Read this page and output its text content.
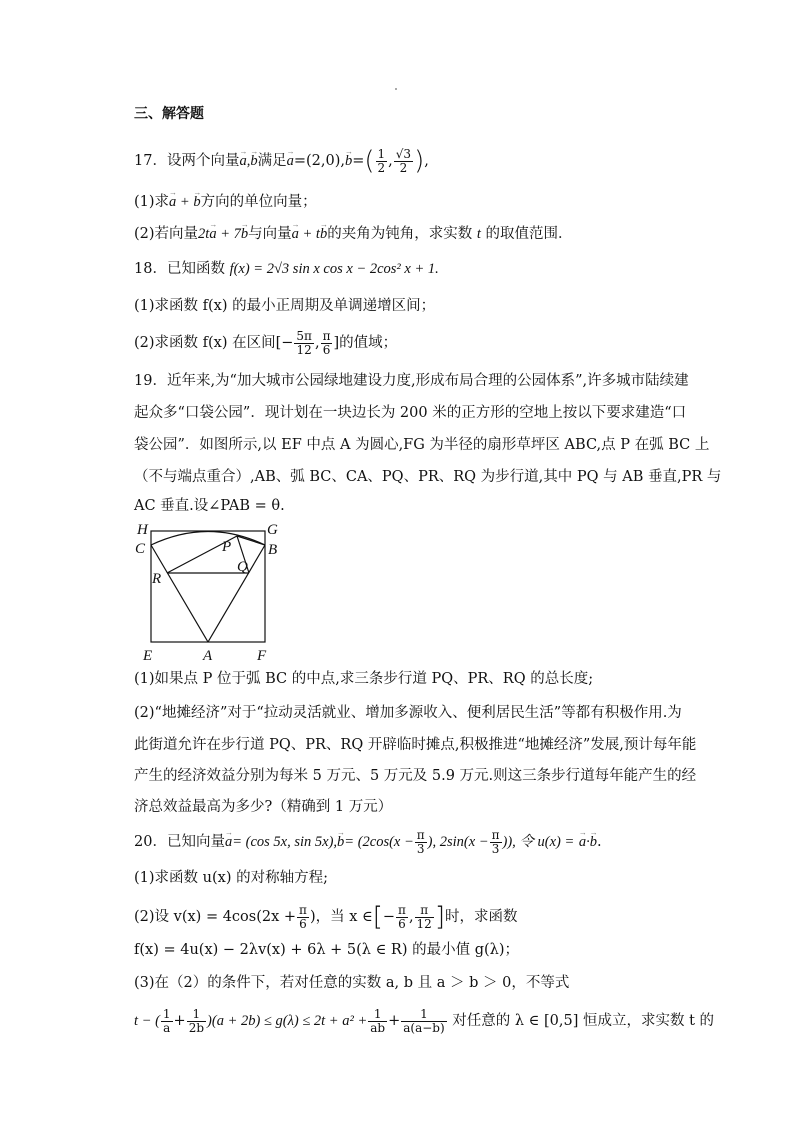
三、解答题
17．设两个向量→ a,→ b满足→ $a=(2,0),\to b=( \frac{1}{2}$ , $\frac{√3}{2}$ ),
(1)求→ a + → b方向的单位向量；
(2)若向量2t→ a + 7→ b与向量→ a + t→ b的夹角为钝角，求实数 t 的取值范围．
18．已知函数 f(x) = 2√3 sin x cos x − 2cos² x + 1.
(1)求函数 f(x) 的最小正周期及单调递增区间；
(2)求函数 f(x) 在区间[− $\frac{5\pi}{12}$ , $\frac{\pi}{6}$ ]的值域；
19．近年来,为“加大城市公园绿地建设力度,形成布局合理的公园体系”,许多城市陆续建
起众多“口袋公园”．现计划在一块边长为 200 米的正方形的空地上按以下要求建造“口
袋公园”．如图所示,以 EF 中点 A 为圆心,FG 为半径的扇形草坪区 ABC,点 P 在弧 BC 上
（不与端点重合）,AB、弧 BC、CA、PQ、PR、RQ 为步行道,其中 PQ 与 AB 垂直,PR 与
AC 垂直.设∠PAB = θ.
H	G
C	P B
Q
R
E	A	F
(1)如果点 P 位于弧 BC 的中点,求三条步行道 PQ、PR、RQ 的总长度;
(2)“地摊经济”对于“拉动灵活就业、增加多源收入、便利居民生活”等都有积极作用.为
此街道允许在步行道 PQ、PR、RQ 开辟临时摊点,积极推进“地摊经济”发展,预计每年能
产生的经济效益分别为每米 5 万元、5 万元及 5.9 万元.则这三条步行道每年能产生的经
济总效益最高为多少?（精确到 1 万元）
20．已知向量→ a= (cos 5x, $\sin 5x),\to b= (2\cos(x - \frac{\pi}{3}$ ), $2\sin(x - \frac{\pi}{3}$ )), 令 u(x) = → a·→ b.
(1)求函数 u(x) 的对称轴方程;
(2)设 $v(x) = 4\cos(2x + \frac{\pi}{6}$ )，当 x ∈[− $\frac{\pi}{6}$ , $\frac{\pi}{12}$ ]时，求函数
f(x) = 4u(x) − 2λv(x) + 6λ + 5(λ ∈ R) 的最小值 g(λ)；
(3)在（2）的条件下，若对任意的实数 a, b 且 a ＞ b ＞ 0，不等式
t − ( $\frac{1}{a} + \frac{1}{2b} )(a + 2b) \le g(\lambda) \le 2t + a^2 + \frac{1}{ab} + \frac{1}{a(a-b)}$ 对任意的 λ ∈ [0,5] 恒成立，求实数 t 的
